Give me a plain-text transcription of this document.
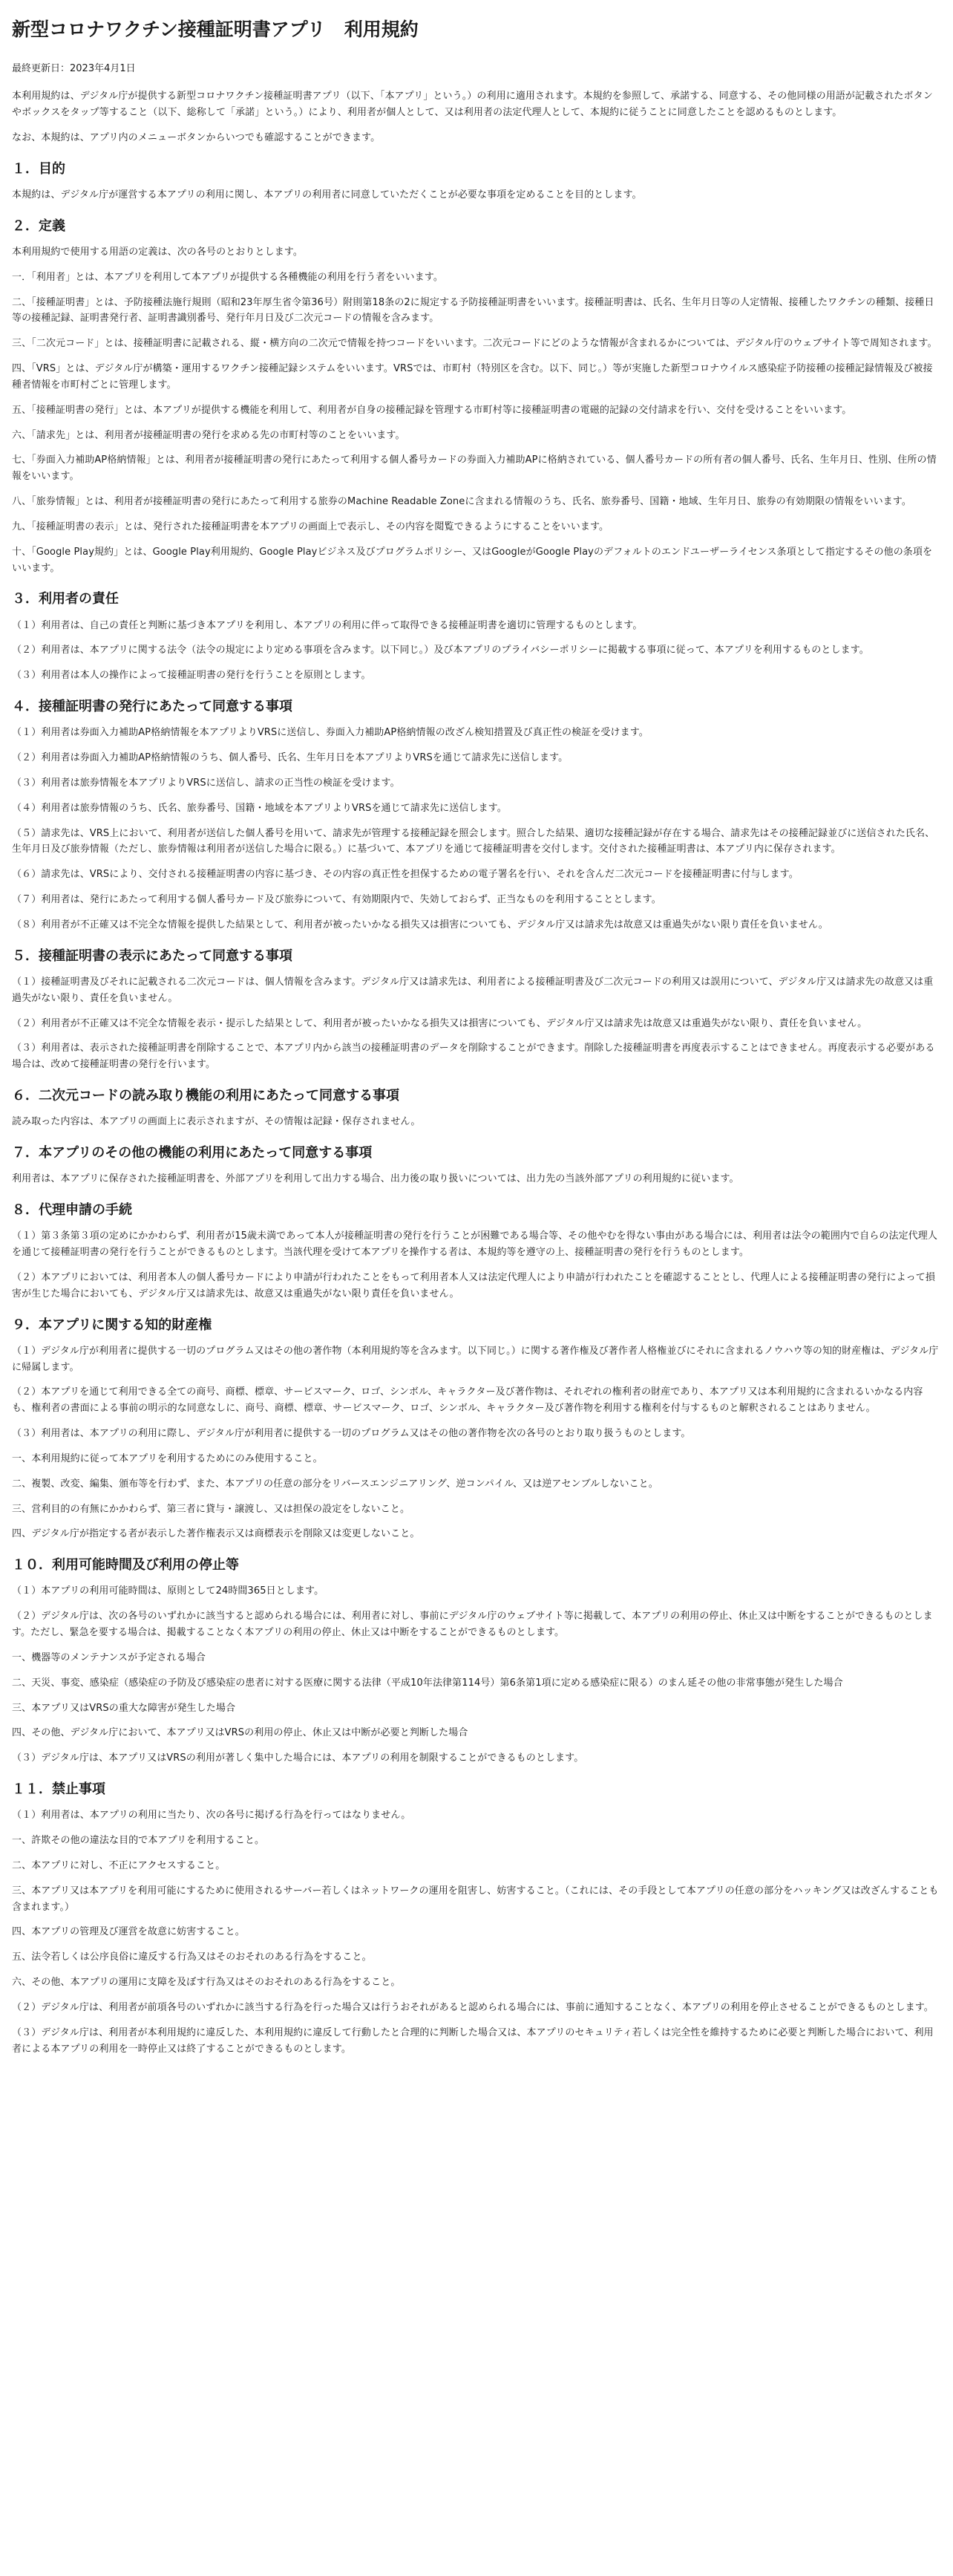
新型コロナワクチン接種証明書アプリ　利用規約
最終更新日：2023年4月1日

本利用規約は、デジタル庁が提供する新型コロナワクチン接種証明書アプリ（以下、「本アプリ」という。）の利用に適用されます。本規約を参照して、承諾する、同意する、その他同様の用語が記載されたボタンやボックスをタップ等すること（以下、総称して「承諾」という。）により、利用者が個人として、又は利用者の法定代理人として、本規約に従うことに同意したことを認めるものとします。

なお、本規約は、アプリ内のメニューボタンからいつでも確認することができます。

１．目的

本規約は、デジタル庁が運営する本アプリの利用に関し、本アプリの利用者に同意していただくことが必要な事項を定めることを目的とします。

２．定義

本利用規約で使用する用語の定義は、次の各号のとおりとします。

一．「利用者」とは、本アプリを利用して本アプリが提供する各種機能の利用を行う者をいいます。

二、「接種証明書」とは、予防接種法施行規則（昭和23年厚生省令第36号）附則第18条の2に規定する予防接種証明書をいいます。接種証明書は、氏名、生年月日等の人定情報、接種したワクチンの種類、接種日等の接種記録、証明書発行者、証明書識別番号、発行年月日及び二次元コードの情報を含みます。

三、「二次元コード」とは、接種証明書に記載される、縦・横方向の二次元で情報を持つコードをいいます。二次元コードにどのような情報が含まれるかについては、デジタル庁のウェブサイト等で周知されます。

四、「VRS」とは、デジタル庁が構築・運用するワクチン接種記録システムをいいます。VRSでは、市町村（特別区を含む。以下、同じ。）等が実施した新型コロナウイルス感染症予防接種の接種記録情報及び被接種者情報を市町村ごとに管理します。

五、「接種証明書の発行」とは、本アプリが提供する機能を利用して、利用者が自身の接種記録を管理する市町村等に接種証明書の電磁的記録の交付請求を行い、交付を受けることをいいます。

六、「請求先」とは、利用者が接種証明書の発行を求める先の市町村等のことをいいます。

七、「券面入力補助AP格納情報」とは、利用者が接種証明書の発行にあたって利用する個人番号カードの券面入力補助APに格納されている、個人番号カードの所有者の個人番号、氏名、生年月日、性別、住所の情報をいいます。

八、「旅券情報」とは、利用者が接種証明書の発行にあたって利用する旅券のMachine Readable Zoneに含まれる情報のうち、氏名、旅券番号、国籍・地域、生年月日、旅券の有効期限の情報をいいます。

九、「接種証明書の表示」とは、発行された接種証明書を本アプリの画面上で表示し、その内容を閲覧できるようにすることをいいます。

十、「Google Play規約」とは、Google Play利用規約、Google Playビジネス及びプログラムポリシー、又はGoogleがGoogle Playのデフォルトのエンドユーザーライセンス条項として指定するその他の条項をいいます。

３．利用者の責任

（１）利用者は、自己の責任と判断に基づき本アプリを利用し、本アプリの利用に伴って取得できる接種証明書を適切に管理するものとします。

（２）利用者は、本アプリに関する法令（法令の規定により定める事項を含みます。以下同じ。）及び本アプリのプライバシーポリシーに掲載する事項に従って、本アプリを利用するものとします。

（３）利用者は本人の操作によって接種証明書の発行を行うことを原則とします。

４．接種証明書の発行にあたって同意する事項

（１）利用者は券面入力補助AP格納情報を本アプリよりVRSに送信し、券面入力補助AP格納情報の改ざん検知措置及び真正性の検証を受けます。

（２）利用者は券面入力補助AP格納情報のうち、個人番号、氏名、生年月日を本アプリよりVRSを通じて請求先に送信します。

（３）利用者は旅券情報を本アプリよりVRSに送信し、請求の正当性の検証を受けます。

（４）利用者は旅券情報のうち、氏名、旅券番号、国籍・地域を本アプリよりVRSを通じて請求先に送信します。

（５）請求先は、VRS上において、利用者が送信した個人番号を用いて、請求先が管理する接種記録を照会します。照合した結果、適切な接種記録が存在する場合、請求先はその接種記録並びに送信された氏名、生年月日及び旅券情報（ただし、旅券情報は利用者が送信した場合に限る。）に基づいて、本アプリを通じて接種証明書を交付します。交付された接種証明書は、本アプリ内に保存されます。

（６）請求先は、VRSにより、交付される接種証明書の内容に基づき、その内容の真正性を担保するための電子署名を行い、それを含んだ二次元コードを接種証明書に付与します。

（７）利用者は、発行にあたって利用する個人番号カード及び旅券について、有効期限内で、失効しておらず、正当なものを利用することとします。

（８）利用者が不正確又は不完全な情報を提供した結果として、利用者が被ったいかなる損失又は損害についても、デジタル庁又は請求先は故意又は重過失がない限り責任を負いません。

５．接種証明書の表示にあたって同意する事項

（１）接種証明書及びそれに記載される二次元コードは、個人情報を含みます。デジタル庁又は請求先は、利用者による接種証明書及び二次元コードの利用又は誤用について、デジタル庁又は請求先の故意又は重過失がない限り、責任を負いません。

（２）利用者が不正確又は不完全な情報を表示・提示した結果として、利用者が被ったいかなる損失又は損害についても、デジタル庁又は請求先は故意又は重過失がない限り、責任を負いません。

（３）利用者は、表示された接種証明書を削除することで、本アプリ内から該当の接種証明書のデータを削除することができます。削除した接種証明書を再度表示することはできません。再度表示する必要がある場合は、改めて接種証明書の発行を行います。

６．二次元コードの読み取り機能の利用にあたって同意する事項

読み取った内容は、本アプリの画面上に表示されますが、その情報は記録・保存されません。

７．本アプリのその他の機能の利用にあたって同意する事項

利用者は、本アプリに保存された接種証明書を、外部アプリを利用して出力する場合、出力後の取り扱いについては、出力先の当該外部アプリの利用規約に従います。

８．代理申請の手続

（１）第３条第３項の定めにかかわらず、利用者が15歳未満であって本人が接種証明書の発行を行うことが困難である場合等、その他やむを得ない事由がある場合には、利用者は法令の範囲内で自らの法定代理人を通じて接種証明書の発行を行うことができるものとします。当該代理を受けて本アプリを操作する者は、本規約等を遵守の上、接種証明書の発行を行うものとします。

（２）本アプリにおいては、利用者本人の個人番号カードにより申請が行われたことをもって利用者本人又は法定代理人により申請が行われたことを確認することとし、代理人による接種証明書の発行によって損害が生じた場合においても、デジタル庁又は請求先は、故意又は重過失がない限り責任を負いません。

９．本アプリに関する知的財産権

（１）デジタル庁が利用者に提供する一切のプログラム又はその他の著作物（本利用規約等を含みます。以下同じ。）に関する著作権及び著作者人格権並びにそれに含まれるノウハウ等の知的財産権は、デジタル庁に帰属します。

（２）本アプリを通じて利用できる全ての商号、商標、標章、サービスマーク、ロゴ、シンボル、キャラクター及び著作物は、それぞれの権利者の財産であり、本アプリ又は本利用規約に含まれるいかなる内容も、権利者の書面による事前の明示的な同意なしに、商号、商標、標章、サービスマーク、ロゴ、シンボル、キャラクター及び著作物を利用する権利を付与するものと解釈されることはありません。

（３）利用者は、本アプリの利用に際し、デジタル庁が利用者に提供する一切のプログラム又はその他の著作物を次の各号のとおり取り扱うものとします。

一、本利用規約に従って本アプリを利用するためにのみ使用すること。

二、複製、改変、編集、頒布等を行わず、また、本アプリの任意の部分をリバースエンジニアリング、逆コンパイル、又は逆アセンブルしないこと。

三、営利目的の有無にかかわらず、第三者に貸与・譲渡し、又は担保の設定をしないこと。

四、デジタル庁が指定する者が表示した著作権表示又は商標表示を削除又は変更しないこと。

１０．利用可能時間及び利用の停止等

（１）本アプリの利用可能時間は、原則として24時間365日とします。

（２）デジタル庁は、次の各号のいずれかに該当すると認められる場合には、利用者に対し、事前にデジタル庁のウェブサイト等に掲載して、本アプリの利用の停止、休止又は中断をすることができるものとします。ただし、緊急を要する場合は、掲載することなく本アプリの利用の停止、休止又は中断をすることができるものとします。

一、機器等のメンテナンスが予定される場合

二、天災、事変、感染症（感染症の予防及び感染症の患者に対する医療に関する法律（平成10年法律第114号）第6条第1項に定める感染症に限る）のまん延その他の非常事態が発生した場合

三、本アプリ又はVRSの重大な障害が発生した場合

四、その他、デジタル庁において、本アプリ又はVRSの利用の停止、休止又は中断が必要と判断した場合

（３）デジタル庁は、本アプリ又はVRSの利用が著しく集中した場合には、本アプリの利用を制限することができるものとします。

１１．禁止事項

（１）利用者は、本アプリの利用に当たり、次の各号に掲げる行為を行ってはなりません。

一、許欺その他の違法な目的で本アプリを利用すること。

二、本アプリに対し、不正にアクセスすること。

三、本アプリ又は本アプリを利用可能にするために使用されるサーバー若しくはネットワークの運用を阻害し、妨害すること。（これには、その手段として本アプリの任意の部分をハッキング又は改ざんすることも含まれます。）

四、本アプリの管理及び運営を故意に妨害すること。

五、法令若しくは公序良俗に違反する行為又はそのおそれのある行為をすること。

六、その他、本アプリの運用に支障を及ぼす行為又はそのおそれのある行為をすること。

（２）デジタル庁は、利用者が前項各号のいずれかに該当する行為を行った場合又は行うおそれがあると認められる場合には、事前に通知することなく、本アプリの利用を停止させることができるものとします。

（３）デジタル庁は、利用者が本利用規約に違反した、本利用規約に違反して行動したと合理的に判断した場合又は、本アプリのセキュリティ若しくは完全性を維持するために必要と判断した場合において、利用者による本アプリの利用を一時停止又は終了することができるものとします。
